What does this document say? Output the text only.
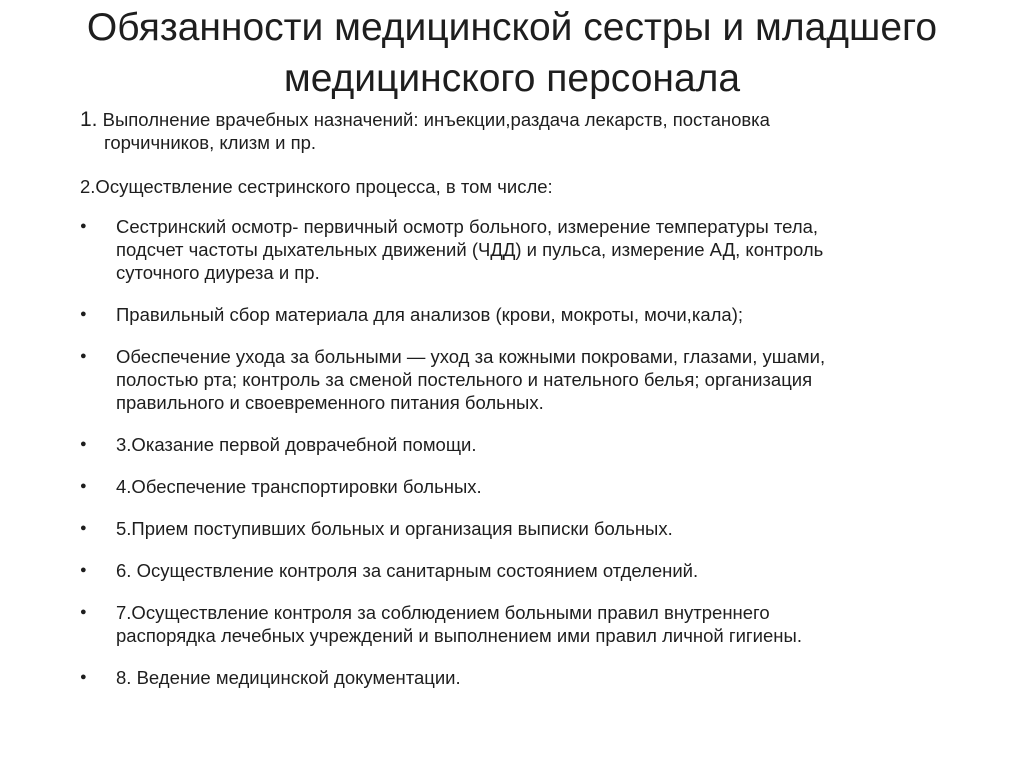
Обязанности медицинской сестры и младшего
медицинского персонала
1. Выполнение врачебных назначений: инъекции,раздача лекарств, постановка
горчичников, клизм и пр.
2.Осуществление сестринского процесса, в том числе:
● Сестринский осмотр- первичный осмотр больного, измерение температуры тела,
подсчет частоты дыхательных движений (ЧДД) и пульса, измерение АД, контроль
суточного диуреза и пр.
● Правильный сбор материала для анализов (крови, мокроты, мочи,кала);
● Обеспечение ухода за больными — уход за кожными покровами, глазами, ушами,
полостью рта; контроль за сменой постельного и нательного белья; организация
правильного и своевременного питания больных.
● 3.Оказание первой доврачебной помощи.
● 4.Обеспечение транспортировки больных.
● 5.Прием поступивших больных и организация выписки больных.
● 6. Осуществление контроля за санитарным состоянием отделений.
● 7.Осуществление контроля за соблюдением больными правил внутреннего
распорядка лечебных учреждений и выполнением ими правил личной гигиены.
● 8. Ведение медицинской документации.
